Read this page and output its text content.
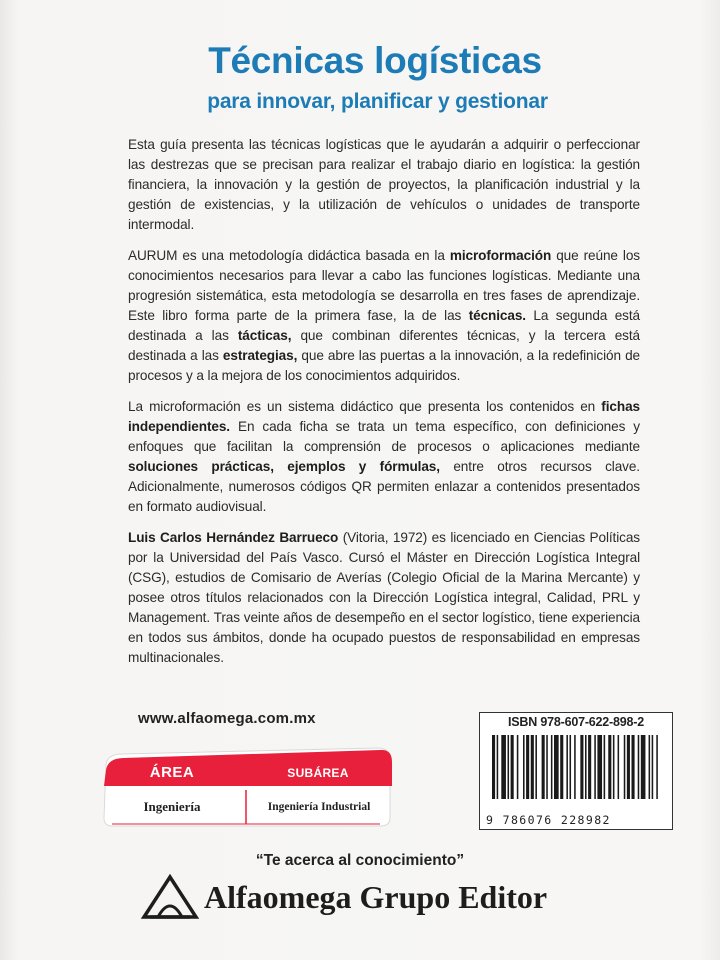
Técnicas logísticas
para innovar, planificar y gestionar

Esta guía presenta las técnicas logísticas que le ayudarán a adquirir o perfeccionar las destrezas que se precisan para realizar el trabajo diario en logística: la gestión financiera, la innovación y la gestión de proyectos, la planificación industrial y la gestión de existencias, y la utilización de vehículos o unidades de transporte intermodal.

AURUM es una metodología didáctica basada en la microformación que reúne los conocimientos necesarios para llevar a cabo las funciones logísticas. Mediante una progresión sistemática, esta metodología se desarrolla en tres fases de aprendizaje. Este libro forma parte de la primera fase, la de las técnicas. La segunda está destinada a las tácticas, que combinan diferentes técnicas, y la tercera está destinada a las estrategias, que abre las puertas a la innovación, a la redefinición de procesos y a la mejora de los conocimientos adquiridos.

La microformación es un sistema didáctico que presenta los contenidos en fichas independientes. En cada ficha se trata un tema específico, con definiciones y enfoques que facilitan la comprensión de procesos o aplicaciones mediante soluciones prácticas, ejemplos y fórmulas, entre otros recursos clave. Adicionalmente, numerosos códigos QR permiten enlazar a contenidos presentados en formato audiovisual.

Luis Carlos Hernández Barrueco (Vitoria, 1972) es licenciado en Ciencias Políticas por la Universidad del País Vasco. Cursó el Máster en Dirección Logística Integral (CSG), estudios de Comisario de Averías (Colegio Oficial de la Marina Mercante) y posee otros títulos relacionados con la Dirección Logística integral, Calidad, PRL y Management. Tras veinte años de desempeño en el sector logístico, tiene experiencia en todos sus ámbitos, donde ha ocupado puestos de responsabilidad en empresas multinacionales.

www.alfaomega.com.mx
ÁREA	SUBÁREA
Ingeniería	Ingeniería Industrial
ISBN 978-607-622-898-2
9 786076 228982
“Te acerca al conocimiento”
Alfaomega Grupo Editor
